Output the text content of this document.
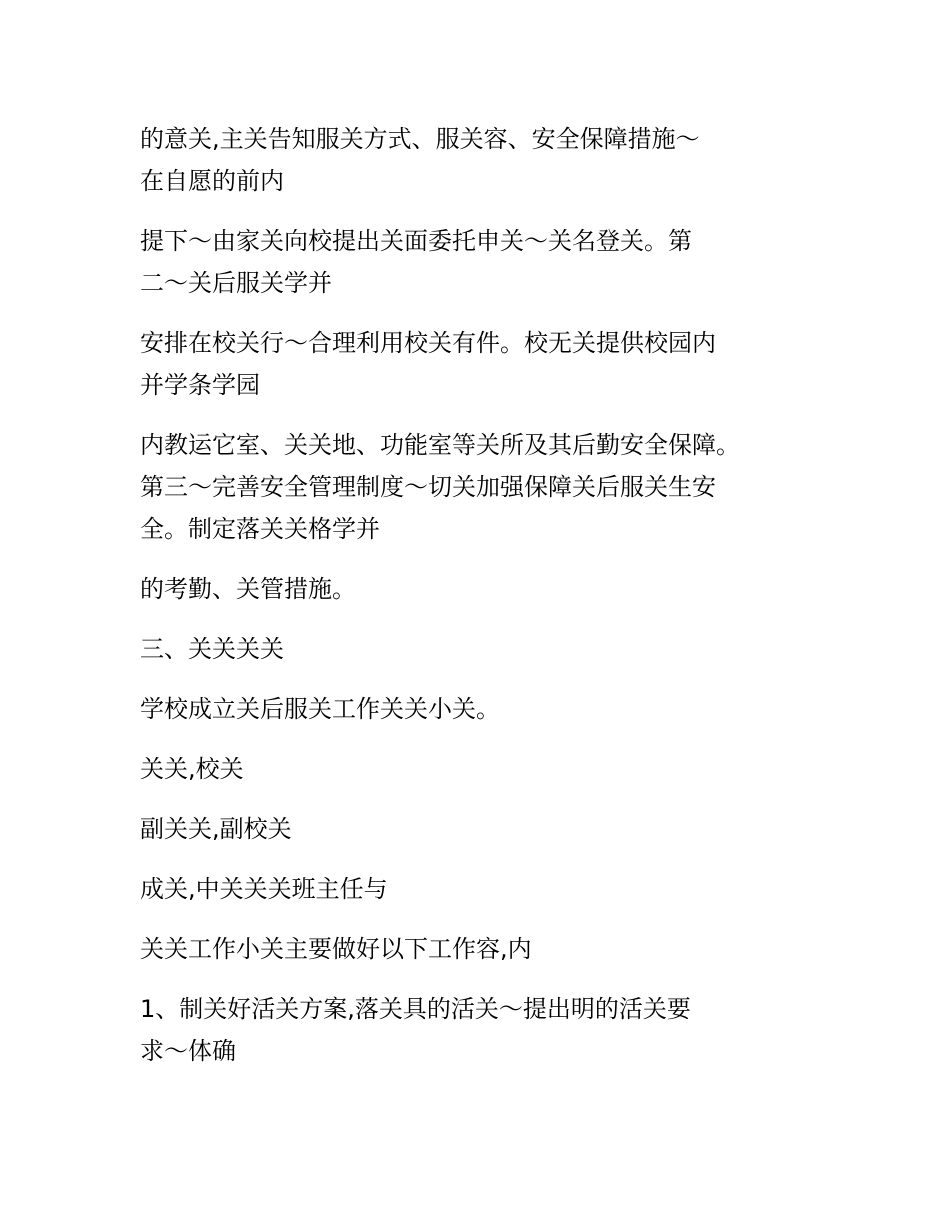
的意关,主关告知服关方式、服关容、安全保障措施～
在自愿的前内

提下～由家关向校提出关面委托申关～关名登关。第
二～关后服关学并

安排在校关行～合理利用校关有件。校无关提供校园内
并学条学园

内教运它室、关关地、功能室等关所及其后勤安全保障。
第三～完善安全管理制度～切关加强保障关后服关生安
全。制定落关关格学并

的考勤、关管措施。

三、关关关关

学校成立关后服关工作关关小关。

关关,校关

副关关,副校关

成关,中关关关班主任与

关关工作小关主要做好以下工作容,内

1、制关好活关方案,落关具的活关～提出明的活关要
求～体确
